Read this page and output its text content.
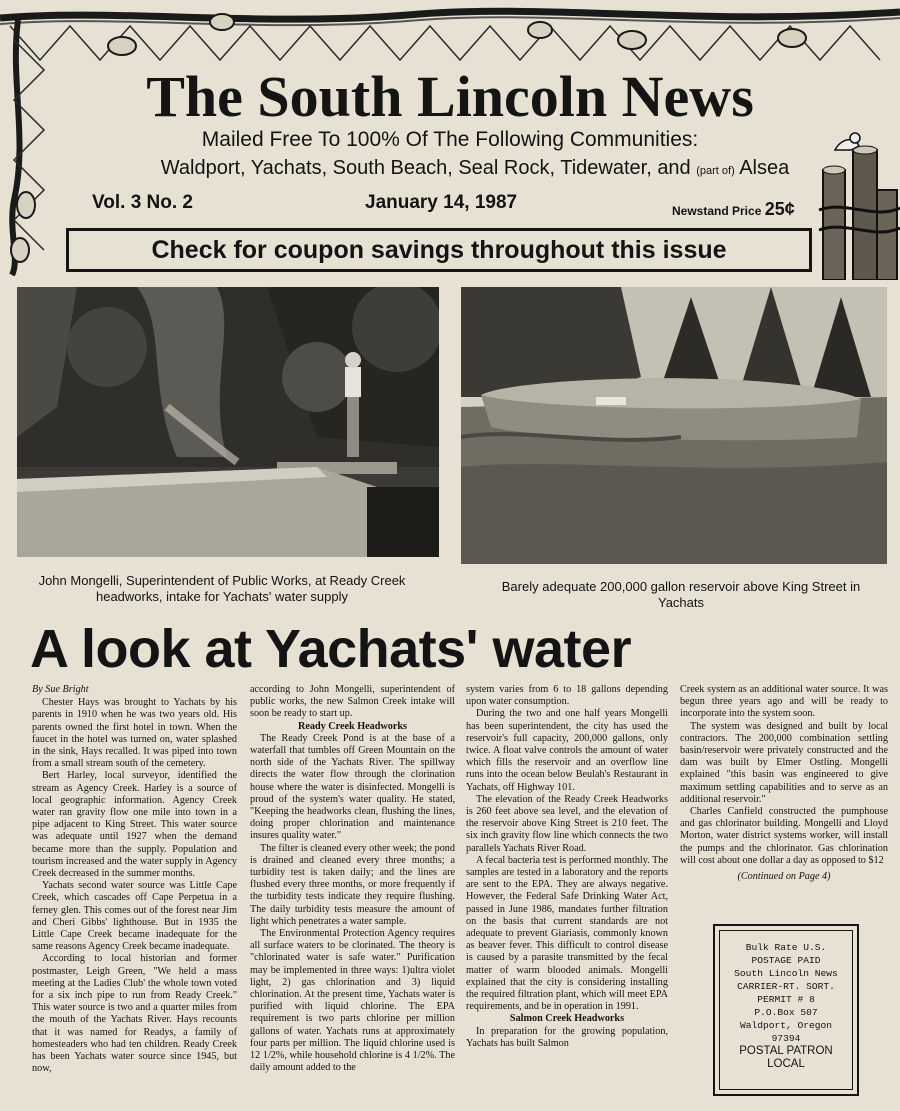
The South Lincoln News
Mailed Free To 100% Of The Following Communities:
Waldport, Yachats, South Beach, Seal Rock, Tidewater, and (part of) Alsea
Vol. 3 No. 2	January 14, 1987	Newstand Price 25¢
Check for coupon savings throughout this issue
John Mongelli, Superintendent of Public Works, at Ready Creek headworks, intake for Yachats' water supply
Barely adequate 200,000 gallon reservoir above King Street in Yachats
A look at Yachats' water

By Sue Bright

Chester Hays was brought to Yachats by his parents in 1910 when he was two years old. His parents owned the first hotel in town. When the faucet in the hotel was turned on, water splashed in the sink, Hays recalled. It was piped into town from a small stream south of the cemetery.

Bert Harley, local surveyor, identified the stream as Agency Creek. Harley is a source of local geographic information. Agency Creek water ran gravity flow one mile into town in a pipe adjacent to King Street. This water source was adequate until 1927 when the demand became more than the supply. Population and tourism increased and the water supply in Agency Creek decreased in the summer months.

Yachats second water source was Little Cape Creek, which cascades off Cape Perpetua in a ferney glen. This comes out of the forest near Jim and Cheri Gibbs' lighthouse. But in 1935 the Little Cape Creek became inadequate for the same reasons Agency Creek became inadequate.

According to local historian and former postmaster, Leigh Green, "We held a mass meeting at the Ladies Club' the whole town voted for a six inch pipe to run from Ready Creek." This water source is two and a quarter miles from the mouth of the Yachats River. Hays recounts that it was named for Readys, a family of homesteaders who had ten children. Ready Creek has been Yachats water source since 1945, but now,

according to John Mongelli, superintendent of public works, the new Salmon Creek intake will soon be ready to start up.

Ready Creek Headworks

The Ready Creek Pond is at the base of a waterfall that tumbles off Green Mountain on the north side of the Yachats River. The spillway directs the water flow through the clorination house where the water is disinfected. Mongelli is proud of the system's water quality. He stated, "Keeping the headworks clean, flushing the lines, doing proper chlorination and maintenance insures quality water."

The filter is cleaned every other week; the pond is drained and cleaned every three months; a turbidity test is taken daily; and the lines are flushed every three months, or more frequently if the turbidity tests indicate they require flushing. The daily turbidity tests measure the amount of light which penetrates a water sample.

The Environmental Protection Agency requires all surface waters to be clorinated. The theory is "chlorinated water is safe water." Purification may be implemented in three ways: 1)ultra violet light, 2) gas chlorination and 3) liquid chlorination. At the present time, Yachats water is purified with liquid chlorine. The EPA requirement is two parts chlorine per million gallons of water. Yachats runs at approximately four parts per million. The liquid chlorine used is 12 1/2%, while household chlorine is 4 1/2%. The daily amount added to the

system varies from 6 to 18 gallons depending upon water consumption.

During the two and one half years Mongelli has been superintendent, the city has used the reservoir's full capacity, 200,000 gallons, only twice. A float valve controls the amount of water which fills the reservoir and an overflow line runs into the ocean below Beulah's Restaurant in Yachats, off Highway 101.

The elevation of the Ready Creek Headworks is 260 feet above sea level, and the elevation of the reservoir above King Street is 210 feet. The six inch gravity flow line which connects the two parallels Yachats River Road.

A fecal bacteria test is performed monthly. The samples are tested in a laboratory and the reports are sent to the EPA. They are always negative. However, the Federal Safe Drinking Water Act, passed in June 1986, mandates further filtration on the basis that current standards are not adequate to prevent Giariasis, commonly known as beaver fever. This difficult to control disease is caused by a parasite transmitted by the fecal matter of warm blooded animals. Mongelli explained that the city is considering installing the required filtration plant, which will meet EPA requirements, and be in operation in 1991.

Salmon Creek Headworks

In preparation for the growing population, Yachats has built Salmon

Creek system as an additional water source. It was begun three years ago and will be ready to incorporate into the system soon.

The system was designed and built by local contractors. The 200,000 combination settling basin/reservoir were privately constructed and the dam was built by Elmer Ostling. Mongelli explained "this basin was engineered to give maximum settling capabilities and to serve as an additional reservoir."

Charles Canfield constructed the pumphouse and gas chlorinator building. Mongelli and Lloyd Morton, water district systems worker, will install the pumps and the chlorinator. Gas chlorination will cost about one dollar a day as opposed to $12

(Continued on Page 4)

Bulk Rate U.S.
POSTAGE PAID
South Lincoln News
CARRIER-RT. SORT.
PERMIT # 8
P.O.Box 507
Waldport, Oregon
97394
POSTAL PATRON
LOCAL
